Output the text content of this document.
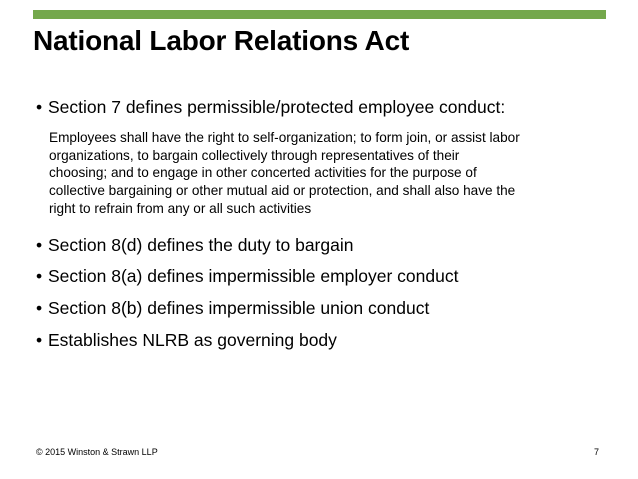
National Labor Relations Act

• Section 7 defines permissible/protected employee conduct:

Employees shall have the right to self-organization; to form join, or assist labor
organizations, to bargain collectively through representatives of their
choosing; and to engage in other concerted activities for the purpose of
collective bargaining or other mutual aid or protection, and shall also have the
right to refrain from any or all such activities

• Section 8(d) defines the duty to bargain

• Section 8(a) defines impermissible employer conduct

• Section 8(b) defines impermissible union conduct

• Establishes NLRB as governing body

© 2015 Winston & Strawn LLP	7
